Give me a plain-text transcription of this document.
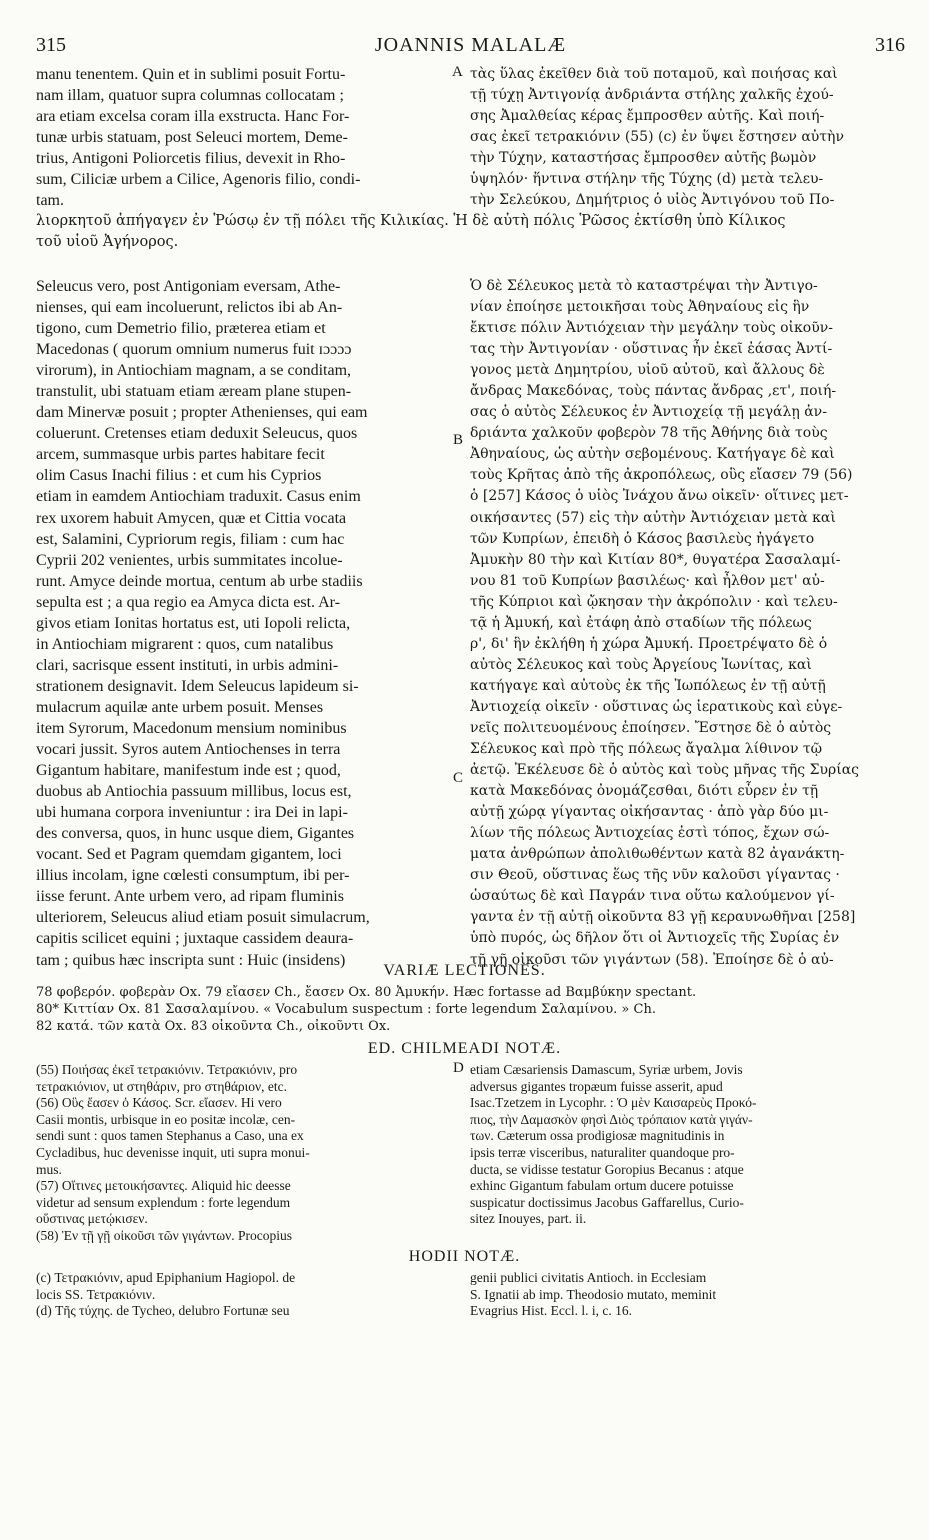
315	JOANNIS MALALÆ	316
manu tenentem. Quin et in sublimi posuit Fortu-
nam illam, quatuor supra columnas collocatam ;
ara etiam excelsa coram illa exstructa. Hanc For-
tunæ urbis statuam, post Seleuci mortem, Deme-
trius, Antigoni Poliorcetis filius, devexit in Rho-
sum, Ciliciæ urbem a Cilice, Agenoris filio, condi-
tam.
τὰς ὕλας ἐκεῖθεν διὰ τοῦ ποταμοῦ, καὶ ποιήσας καὶ
τῇ τύχῃ Ἀντιγονίᾳ ἀνδριάντα στήλης χαλκῆς ἐχού-
σης Ἀμαλθείας κέρας ἔμπροσθεν αὐτῆς. Καὶ ποιή-
σας ἐκεῖ τετρακιόνιν (55) (c) ἐν ὕψει ἔστησεν αὐτὴν
τὴν Τύχην, καταστήσας ἔμπροσθεν αὐτῆς βωμὸν
ὑψηλόν· ἥντινα στήλην τῆς Τύχης (d) μετὰ τελευ-
τὴν Σελεύκου, Δημήτριος ὁ υἱὸς Ἀντιγόνου τοῦ Πο-
A
λιορκητοῦ ἀπήγαγεν ἐν Ῥώσῳ ἐν τῇ πόλει τῆς Κιλικίας. Ἡ δὲ αὐτὴ πόλις Ῥῶσος ἐκτίσθη ὑπὸ Κίλικος
τοῦ υἱοῦ Ἀγήνορος.
Seleucus vero, post Antigoniam eversam, Athe-
nienses, qui eam incoluerunt, relictos ibi ab An-
tigono, cum Demetrio filio, præterea etiam et
Macedonas ( quorum omnium numerus fuit ɪɔɔɔɔ
virorum), in Antiochiam magnam, a se conditam,
transtulit, ubi statuam etiam æream plane stupen-
dam Minervæ posuit ; propter Athenienses, qui eam
coluerunt. Cretenses etiam deduxit Seleucus, quos
arcem, summasque urbis partes habitare fecit
olim Casus Inachi filius : et cum his Cyprios
etiam in eamdem Antiochiam traduxit. Casus enim
rex uxorem habuit Amycen, quæ et Cittia vocata
est, Salamini, Cypriorum regis, filiam : cum hac
Cyprii 202 venientes, urbis summitates incolue-
runt. Amyce deinde mortua, centum ab urbe stadiis
sepulta est ; a qua regio ea Amyca dicta est. Ar-
givos etiam Ionitas hortatus est, uti Iopoli relicta,
in Antiochiam migrarent : quos, cum natalibus
clari, sacrisque essent instituti, in urbis admini-
strationem designavit. Idem Seleucus lapideum si-
mulacrum aquilæ ante urbem posuit. Menses
item Syrorum, Macedonum mensium nominibus
vocari jussit. Syros autem Antiochenses in terra
Gigantum habitare, manifestum inde est ; quod,
duobus ab Antiochia passuum millibus, locus est,
ubi humana corpora inveniuntur : ira Dei in lapi-
des conversa, quos, in hunc usque diem, Gigantes
vocant. Sed et Pagram quemdam gigantem, loci
illius incolam, igne cœlesti consumptum, ibi per-
iisse ferunt. Ante urbem vero, ad ripam fluminis
ulteriorem, Seleucus aliud etiam posuit simulacrum,
capitis scilicet equini ; juxtaque cassidem deaura-
tam ; quibus hæc inscripta sunt : Huic (insidens)
Ὁ δὲ Σέλευκος μετὰ τὸ καταστρέψαι τὴν Ἀντιγο-
νίαν ἐποίησε μετοικῆσαι τοὺς Ἀθηναίους εἰς ἣν
ἔκτισε πόλιν Ἀντιόχειαν τὴν μεγάλην τοὺς οἰκοῦν-
τας τὴν Ἀντιγονίαν · οὕστινας ἦν ἐκεῖ ἐάσας Ἀντί-
γονος μετὰ Δημητρίου, υἱοῦ αὐτοῦ, καὶ ἄλλους δὲ
ἄνδρας Μακεδόνας, τοὺς πάντας ἄνδρας ,ετ', ποιή-
σας ὁ αὐτὸς Σέλευκος ἐν Ἀντιοχείᾳ τῇ μεγάλῃ ἀν-
δριάντα χαλκοῦν φοβερὸν 78 τῆς Ἀθήνης διὰ τοὺς
Ἀθηναίους, ὡς αὐτὴν σεβομένους. Κατήγαγε δὲ καὶ
τοὺς Κρῆτας ἀπὸ τῆς ἀκροπόλεως, οὓς εἴασεν 79 (56)
ὁ [257] Κάσος ὁ υἱὸς Ἰνάχου ἄνω οἰκεῖν· οἵτινες μετ-
οικήσαντες (57) εἰς τὴν αὐτὴν Ἀντιόχειαν μετὰ καὶ
τῶν Κυπρίων, ἐπειδὴ ὁ Κάσος βασιλεὺς ἠγάγετο
Ἀμυκὴν 80 τὴν καὶ Κιτίαν 80*, θυγατέρα Σασαλαμί-
νου 81 τοῦ Κυπρίων βασιλέως· καὶ ἦλθον μετ' αὐ-
τῆς Κύπριοι καὶ ᾤκησαν τὴν ἀκρόπολιν · καὶ τελευ-
τᾷ ἡ Ἀμυκή, καὶ ἐτάφη ἀπὸ σταδίων τῆς πόλεως
ρ', δι' ἣν ἐκλήθη ἡ χώρα Ἀμυκή. Προετρέψατο δὲ ὁ
αὐτὸς Σέλευκος καὶ τοὺς Ἀργείους Ἰωνίτας, καὶ
κατήγαγε καὶ αὐτοὺς ἐκ τῆς Ἰωπόλεως ἐν τῇ αὐτῇ
Ἀντιοχείᾳ οἰκεῖν · οὕστινας ὡς ἱερατικοὺς καὶ εὐγε-
νεῖς πολιτευομένους ἐποίησεν. Ἔστησε δὲ ὁ αὐτὸς
Σέλευκος καὶ πρὸ τῆς πόλεως ἄγαλμα λίθινον τῷ
ἀετῷ. Ἐκέλευσε δὲ ὁ αὐτὸς καὶ τοὺς μῆνας τῆς Συρίας
κατὰ Μακεδόνας ὀνομάζεσθαι, διότι εὗρεν ἐν τῇ
αὐτῇ χώρᾳ γίγαντας οἰκήσαντας · ἀπὸ γὰρ δύο μι-
λίων τῆς πόλεως Ἀντιοχείας ἐστὶ τόπος, ἔχων σώ-
ματα ἀνθρώπων ἀπολιθωθέντων κατὰ 82 ἀγανάκτη-
σιν Θεοῦ, οὕστινας ἕως τῆς νῦν καλοῦσι γίγαντας ·
ὡσαύτως δὲ καὶ Παγράν τινα οὕτω καλούμενον γί-
γαντα ἐν τῇ αὐτῇ οἰκοῦντα 83 γῇ κεραυνωθῆναι [258]
ὑπὸ πυρός, ὡς δῆλον ὅτι οἱ Ἀντιοχεῖς τῆς Συρίας ἐν
τῇ γῇ οἰκοῦσι τῶν γιγάντων (58). Ἐποίησε δὲ ὁ αὐ-
B
C
VARIÆ LECTIONES.
78 φοβερόν. φοβερὰν Ox. 79 εἴασεν Ch., ἔασεν Ox. 80 Ἀμυκήν. Hæc fortasse ad Βαμβύκην spectant.
80* Κιττίαν Ox. 81 Σασαλαμίνου. « Vocabulum suspectum : forte legendum Σαλαμίνου. » Ch.
82 κατά. τῶν κατὰ Ox. 83 οἰκοῦντα Ch., οἰκοῦντι Ox.
ED. CHILMEADI NOTÆ.
(55) Ποιήσας ἐκεῖ τετρακιόνιν. Τετρακιόνιν, pro
τετρακιόνιον, ut στηθάριν, pro στηθάριον, etc.
(56) Οὓς ἔασεν ὁ Κάσος. Scr. εἴασεν. Hi vero
Casii montis, urbisque in eo positæ incolæ, cen-
sendi sunt : quos tamen Stephanus a Caso, una ex
Cycladibus, huc devenisse inquit, uti supra monui-
mus.
(57) Οἵτινες μετοικήσαντες. Aliquid hic deesse
videtur ad sensum explendum : forte legendum
οὕστινας μετῴκισεν.
(58) Ἐν τῇ γῇ οἰκοῦσι τῶν γιγάντων. Procopius
etiam Cæsariensis Damascum, Syriæ urbem, Jovis
adversus gigantes tropæum fuisse asserit, apud
Isac.Tzetzem in Lycophr. : Ὁ μὲν Καισαρεὺς Προκό-
πιος, τὴν Δαμασκὸν φησὶ Διὸς τρόπαιον κατὰ γιγάν-
των. Cæterum ossa prodigiosæ magnitudinis in
ipsis terræ visceribus, naturaliter quandoque pro-
ducta, se vidisse testatur Goropius Becanus : atque
exhinc Gigantum fabulam ortum ducere potuisse
suspicatur doctissimus Jacobus Gaffarellus, Curio-
sitez Inouyes, part. ii.
D
HODII NOTÆ.
(c) Τετρακιόνιν, apud Epiphanium Hagiopol. de
locis SS. Τετρακιόνιν.
(d) Τῆς τύχης. de Tycheo, delubro Fortunæ seu
genii publici civitatis Antioch. in Ecclesiam
S. Ignatii ab imp. Theodosio mutato, meminit
Evagrius Hist. Eccl. l. i, c. 16.
